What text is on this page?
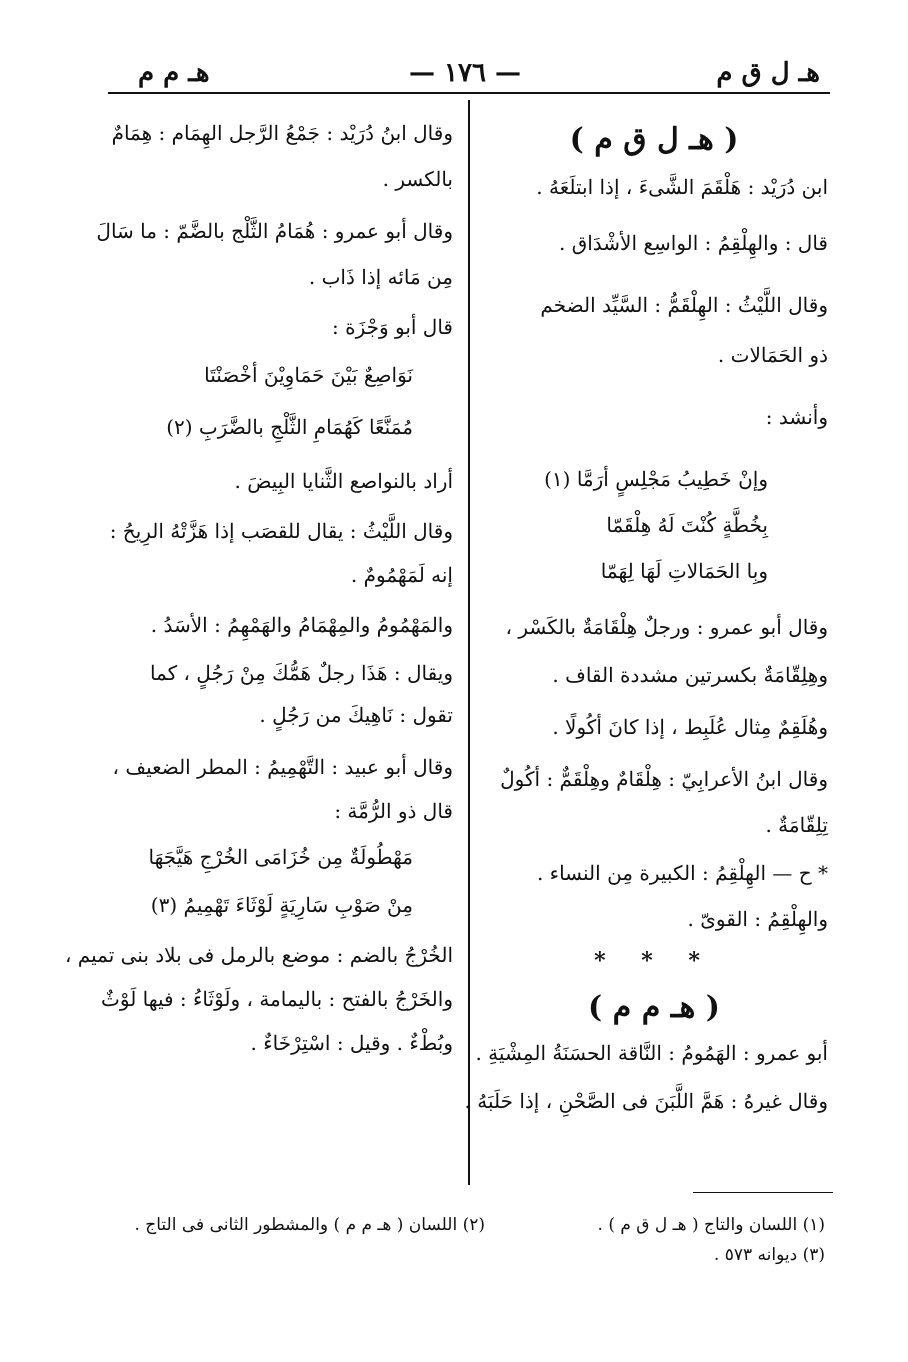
هـ ل ق م
— ١٧٦ —
هـ م م
( هـ ل ق م )

ابن دُرَيْد : هَلْقَمَ الشَّىءَ ، إذا ابتلَعَهُ .

قال : والهِلْقِمُ : الواسِع الأشْدَاق .

وقال اللَّيْثُ : الهِلْقَمُّ : السَّيِّد الضخم

ذو الحَمَالات .

وأنشد :

وإنْ خَطِيبُ مَجْلِسٍ أرَمَّا (١)

بِخُطَّةٍ كُنْتَ لَهُ هِلْقَمّا

وبِا الحَمَالاتِ لَهَا لِهَمّا

وقال أبو عمرو : ورجلٌ هِلْقَامَةٌ بالكَسْر ،

وهِلِقّامَةٌ بكسرتين مشددة القاف .

وهُلَقِمٌ مِثال عُلَبِط ، إذا كانَ أكُولًا .

وقال ابنُ الأعرابِيّ : هِلْقَامٌ وهِلْقَمٌّ : أكُولٌ

تِلِقّامَةٌ .

* ح — الهِلْقِمُ : الكبيرة مِن النساء .

والهِلْقِمُ : القوىّ .

* * *
( هـ م م )

أبو عمرو : الهَمُومُ : النَّاقة الحسَنَةُ المِشْيَةِ .

وقال غيرهُ : هَمَّ اللَّبَنَ فى الصَّحْنِ ، إذا حَلَبَهُ .

وقال ابنُ دُرَيْد : جَمْعُ الرَّجل الهِمَام : هِمَامٌ

بالكسر .

وقال أبو عمرو : هُمَامُ الثَّلْج بالضَّمّ : ما سَالَ

مِن مَائه إذا ذَاب .

قال أبو وَجْزَة :

نَوَاصِعٌ بَيْنَ حَمَاوِيْنَ أخْصَنْتَا

مُمَنَّعًا كَهُمَامِ الثَّلْجِ بالضَّرَبِ (٢)

أراد بالنواصع الثَّنايا البِيضَ .

وقال اللَّيْثُ : يقال للقصَب إذا هَزَّتْهُ الرِيحُ :

إنه لَمَهْمُومٌ .

والمَهْمُومُ والمِهْمَامُ والهَمْهِمُ : الأسَدُ .

ويقال : هَذَا رجلٌ هَمُّكَ مِنْ رَجُلٍ ، كما

تقول : نَاهِيكَ من رَجُلٍ .

وقال أبو عبيد : التَّهْمِيمُ : المطر الضعيف ،

قال ذو الرُّمَّة :

مَهْطُولَةٌ مِن خُزَامَى الخُرْجِ هَيَّجَهَا

مِنْ صَوْبِ سَارِيَةٍ لَوْثَاءَ تَهْمِيمُ (٣)

الخُرْجُ بالضم : موضع بالرمل فى بلاد بنى تميم ،

والخَرْجُ بالفتح : باليمامة ، ولَوْثَاءُ : فيها لَوْثٌ

وبُطْءٌ . وقيل : اسْتِرْخَاءٌ .

(١) اللسان والتاج ( هـ ل ق م ) .
(٣) ديوانه ٥٧٣ .
(٢) اللسان ( هـ م م ) والمشطور الثانى فى التاج .
